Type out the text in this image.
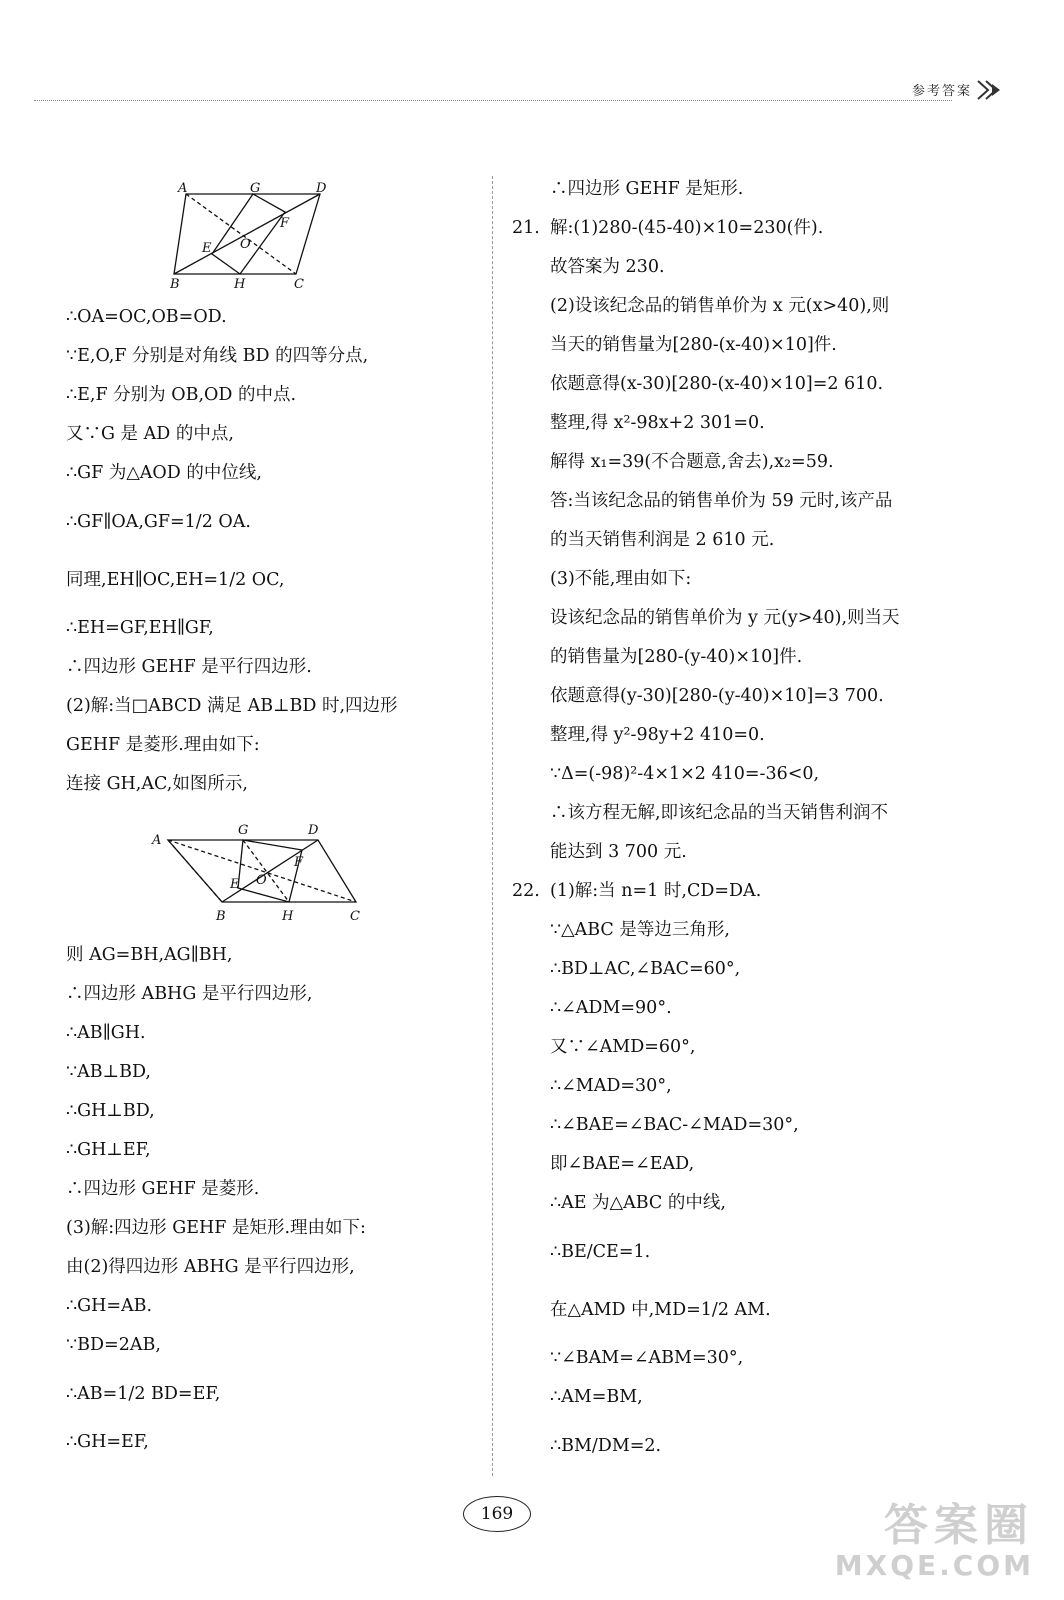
参考答案
A	G	D
E
F
O
B	H	C
∴OA=OC,OB=OD.
∵E,O,F 分别是对角线 BD 的四等分点,
∴E,F 分别为 OB,OD 的中点.
又∵G 是 AD 的中点,
∴GF 为△AOD 的中位线,
∴GF∥OA,GF=1/2 OA.
同理,EH∥OC,EH=1/2 OC,
∴EH=GF,EH∥GF,
∴四边形 GEHF 是平行四边形.
(2)解:当□ABCD 满足 AB⊥BD 时,四边形
GEHF 是菱形.理由如下:
连接 GH,AC,如图所示,
A
G	D
F
E O
B	H	C
则 AG=BH,AG∥BH,
∴四边形 ABHG 是平行四边形,
∴AB∥GH.
∵AB⊥BD,
∴GH⊥BD,
∴GH⊥EF,
∴四边形 GEHF 是菱形.
(3)解:四边形 GEHF 是矩形.理由如下:
由(2)得四边形 ABHG 是平行四边形,
∴GH=AB.
∵BD=2AB,
∴AB=1/2 BD=EF,
∴GH=EF,
∴四边形 GEHF 是矩形.
21. 解:(1)280-(45-40)×10=230(件).
故答案为 230.
(2)设该纪念品的销售单价为 x 元(x>40),则
当天的销售量为[280-(x-40)×10]件.
依题意得(x-30)[280-(x-40)×10]=2 610.
整理,得 x²-98x+2 301=0.
解得 x₁=39(不合题意,舍去),x₂=59.
答:当该纪念品的销售单价为 59 元时,该产品
的当天销售利润是 2 610 元.
(3)不能,理由如下:
设该纪念品的销售单价为 y 元(y>40),则当天
的销售量为[280-(y-40)×10]件.
依题意得(y-30)[280-(y-40)×10]=3 700.
整理,得 y²-98y+2 410=0.
∵Δ=(-98)²-4×1×2 410=-36<0,
∴该方程无解,即该纪念品的当天销售利润不
能达到 3 700 元.
22. (1)解:当 n=1 时,CD=DA.
∵△ABC 是等边三角形,
∴BD⊥AC,∠BAC=60°,
∴∠ADM=90°.
又∵∠AMD=60°,
∴∠MAD=30°,
∴∠BAE=∠BAC-∠MAD=30°,
即∠BAE=∠EAD,
∴AE 为△ABC 的中线,
∴BE/CE=1.
在△AMD 中,MD=1/2 AM.
∵∠BAM=∠ABM=30°,
∴AM=BM,
∴BM/DM=2.
169	答案圈
MXQE.COM
